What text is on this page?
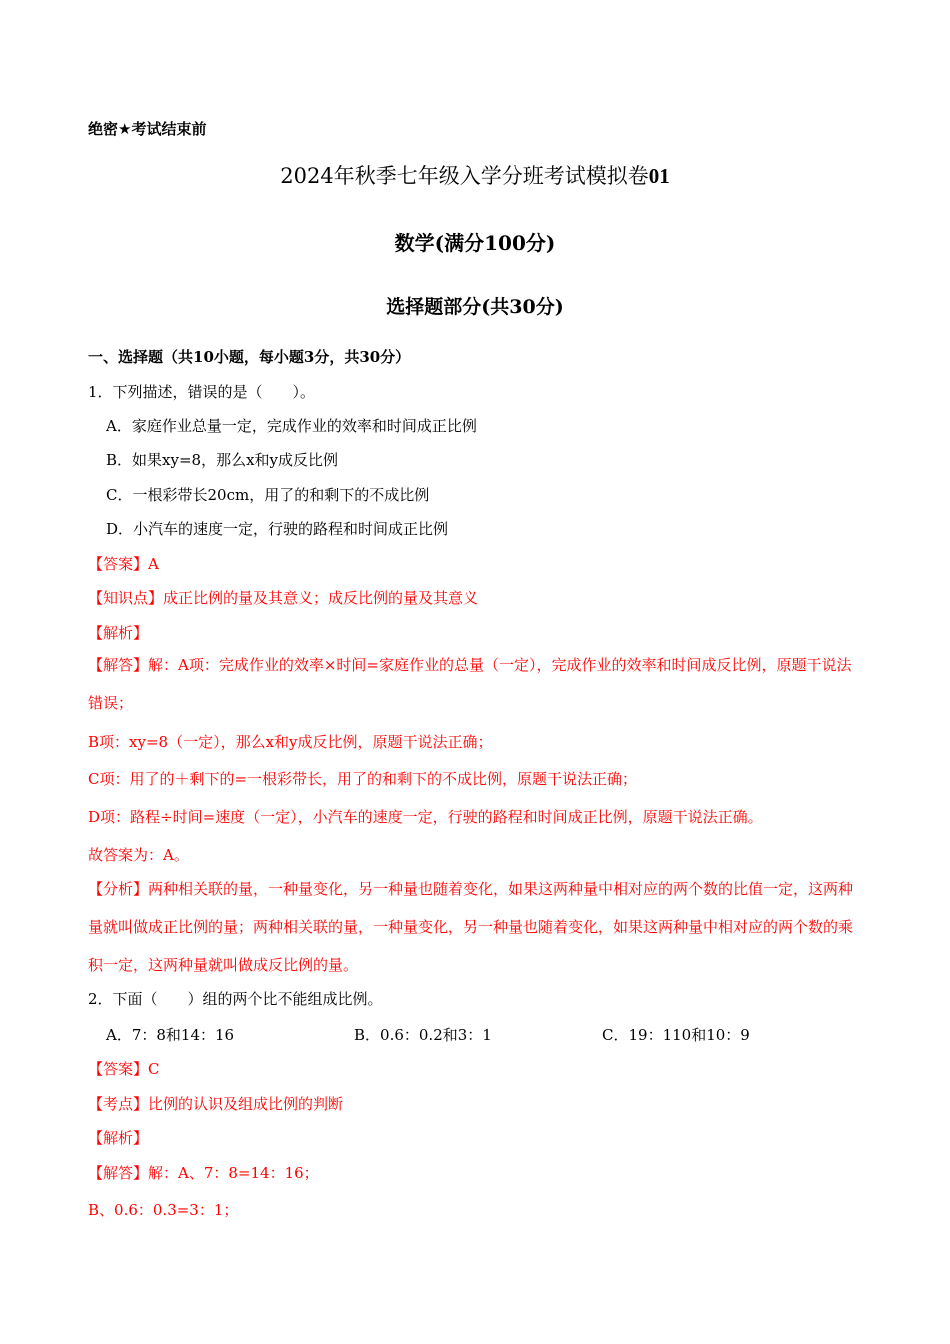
绝密★考试结束前
2024年秋季七年级入学分班考试模拟卷01
数学(满分100分)
选择题部分(共30分)
一、选择题（共10小题，每小题3分，共30分）
1．下列描述，错误的是（　　）。
A．家庭作业总量一定，完成作业的效率和时间成正比例
B．如果xy=8，那么x和y成反比例
C．一根彩带长20cm，用了的和剩下的不成比例
D．小汽车的速度一定，行驶的路程和时间成正比例
【答案】A
【知识点】成正比例的量及其意义；成反比例的量及其意义
【解析】
【解答】解：A项：完成作业的效率×时间=家庭作业的总量（一定），完成作业的效率和时间成反比例，原题干说法错误；
B项：xy=8（一定），那么x和y成反比例，原题干说法正确；
C项：用了的＋剩下的=一根彩带长，用了的和剩下的不成比例，原题干说法正确；
D项：路程÷时间=速度（一定），小汽车的速度一定，行驶的路程和时间成正比例，原题干说法正确。
故答案为：A。
【分析】两种相关联的量，一种量变化，另一种量也随着变化，如果这两种量中相对应的两个数的比值一定，这两种量就叫做成正比例的量；两种相关联的量，一种量变化，另一种量也随着变化，如果这两种量中相对应的两个数的乘积一定，这两种量就叫做成反比例的量。
2．下面（　　）组的两个比不能组成比例。
A．7：8和14：16	B．0.6：0.2和3：1	C．19：110和10：9
【答案】C
【考点】比例的认识及组成比例的判断
【解析】
【解答】解：A、7：8=14：16；
B、0.6：0.3=3：1；
